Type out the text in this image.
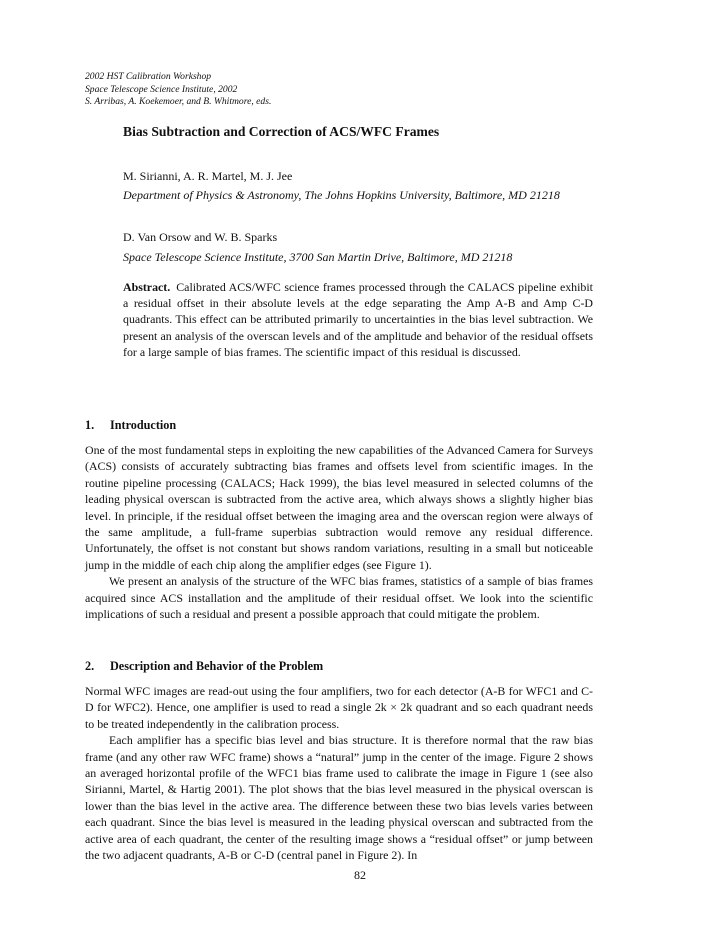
2002 HST Calibration Workshop
Space Telescope Science Institute, 2002
S. Arribas, A. Koekemoer, and B. Whitmore, eds.
Bias Subtraction and Correction of ACS/WFC Frames
M. Sirianni, A. R. Martel, M. J. Jee
Department of Physics & Astronomy, The Johns Hopkins University, Baltimore, MD 21218
D. Van Orsow and W. B. Sparks
Space Telescope Science Institute, 3700 San Martin Drive, Baltimore, MD 21218
Abstract. Calibrated ACS/WFC science frames processed through the CALACS pipeline exhibit a residual offset in their absolute levels at the edge separating the Amp A-B and Amp C-D quadrants. This effect can be attributed primarily to uncertainties in the bias level subtraction. We present an analysis of the overscan levels and of the amplitude and behavior of the residual offsets for a large sample of bias frames. The scientific impact of this residual is discussed.
1. Introduction

One of the most fundamental steps in exploiting the new capabilities of the Advanced Camera for Surveys (ACS) consists of accurately subtracting bias frames and offsets level from scientific images. In the routine pipeline processing (CALACS; Hack 1999), the bias level measured in selected columns of the leading physical overscan is subtracted from the active area, which always shows a slightly higher bias level. In principle, if the residual offset between the imaging area and the overscan region were always of the same amplitude, a full-frame superbias subtraction would remove any residual difference. Unfortunately, the offset is not constant but shows random variations, resulting in a small but noticeable jump in the middle of each chip along the amplifier edges (see Figure 1).

We present an analysis of the structure of the WFC bias frames, statistics of a sample of bias frames acquired since ACS installation and the amplitude of their residual offset. We look into the scientific implications of such a residual and present a possible approach that could mitigate the problem.

2. Description and Behavior of the Problem

Normal WFC images are read-out using the four amplifiers, two for each detector (A-B for WFC1 and C-D for WFC2). Hence, one amplifier is used to read a single 2k × 2k quadrant and so each quadrant needs to be treated independently in the calibration process.

Each amplifier has a specific bias level and bias structure. It is therefore normal that the raw bias frame (and any other raw WFC frame) shows a “natural” jump in the center of the image. Figure 2 shows an averaged horizontal profile of the WFC1 bias frame used to calibrate the image in Figure 1 (see also Sirianni, Martel, & Hartig 2001). The plot shows that the bias level measured in the physical overscan is lower than the bias level in the active area. The difference between these two bias levels varies between each quadrant. Since the bias level is measured in the leading physical overscan and subtracted from the active area of each quadrant, the center of the resulting image shows a “residual offset” or jump between the two adjacent quadrants, A-B or C-D (central panel in Figure 2). In

82
